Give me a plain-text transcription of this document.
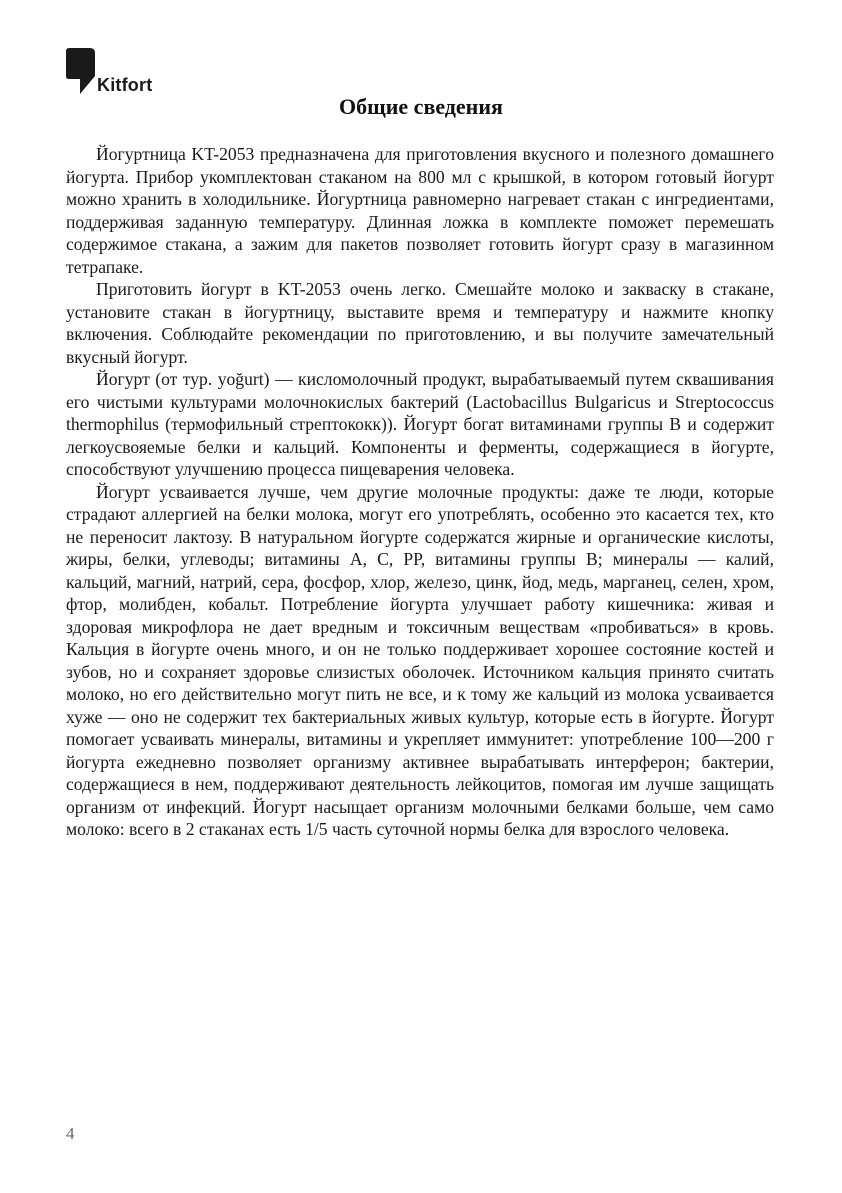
Kitfort
Общие сведения

Йогуртница KT-2053 предназначена для приготовления вкусного и полезного домашнего йогурта. Прибор укомплектован стаканом на 800 мл с крышкой, в котором готовый йогурт можно хранить в холодильнике. Йогуртница равномерно нагревает стакан с ингредиентами, поддерживая заданную температуру. Длинная ложка в комплекте поможет перемешать содержимое стакана, а зажим для пакетов позволяет готовить йогурт сразу в магазинном тетрапаке.

Приготовить йогурт в KT-2053 очень легко. Смешайте молоко и закваску в стакане, установите стакан в йогуртницу, выставите время и температуру и нажмите кнопку включения. Соблюдайте рекомендации по приготовлению, и вы получите замечательный вкусный йогурт.

Йогурт (от тур. yoğurt) — кисломолочный продукт, вырабатываемый путем сквашивания его чистыми культурами молочнокислых бактерий (Lactobacillus Bulgaricus и Streptococcus thermophilus (термофильный стрептококк)). Йогурт богат витаминами группы В и содержит легкоусвояемые белки и кальций. Компоненты и ферменты, содержащиеся в йогурте, способствуют улучшению процесса пищеварения человека.

Йогурт усваивается лучше, чем другие молочные продукты: даже те люди, которые страдают аллергией на белки молока, могут его употреблять, особенно это касается тех, кто не переносит лактозу. В натуральном йогурте содержатся жирные и органические кислоты, жиры, белки, углеводы; витамины А, С, РР, витамины группы В; минералы — калий, кальций, магний, натрий, сера, фосфор, хлор, железо, цинк, йод, медь, марганец, селен, хром, фтор, молибден, кобальт. Потребление йогурта улучшает работу кишечника: живая и здоровая микрофлора не дает вредным и токсичным веществам «пробиваться» в кровь. Кальция в йогурте очень много, и он не только поддерживает хорошее состояние костей и зубов, но и сохраняет здоровье слизистых оболочек. Источником кальция принято считать молоко, но его действительно могут пить не все, и к тому же кальций из молока усваивается хуже — оно не содержит тех бактериальных живых культур, которые есть в йогурте. Йогурт помогает усваивать минералы, витамины и укрепляет иммунитет: употребление 100—200 г йогурта ежедневно позволяет организму активнее вырабатывать интерферон; бактерии, содержащиеся в нем, поддерживают деятельность лейкоцитов, помогая им лучше защищать организм от инфекций. Йогурт насыщает организм молочными белками больше, чем само молоко: всего в 2 стаканах есть 1/5 часть суточной нормы белка для взрослого человека.

4
